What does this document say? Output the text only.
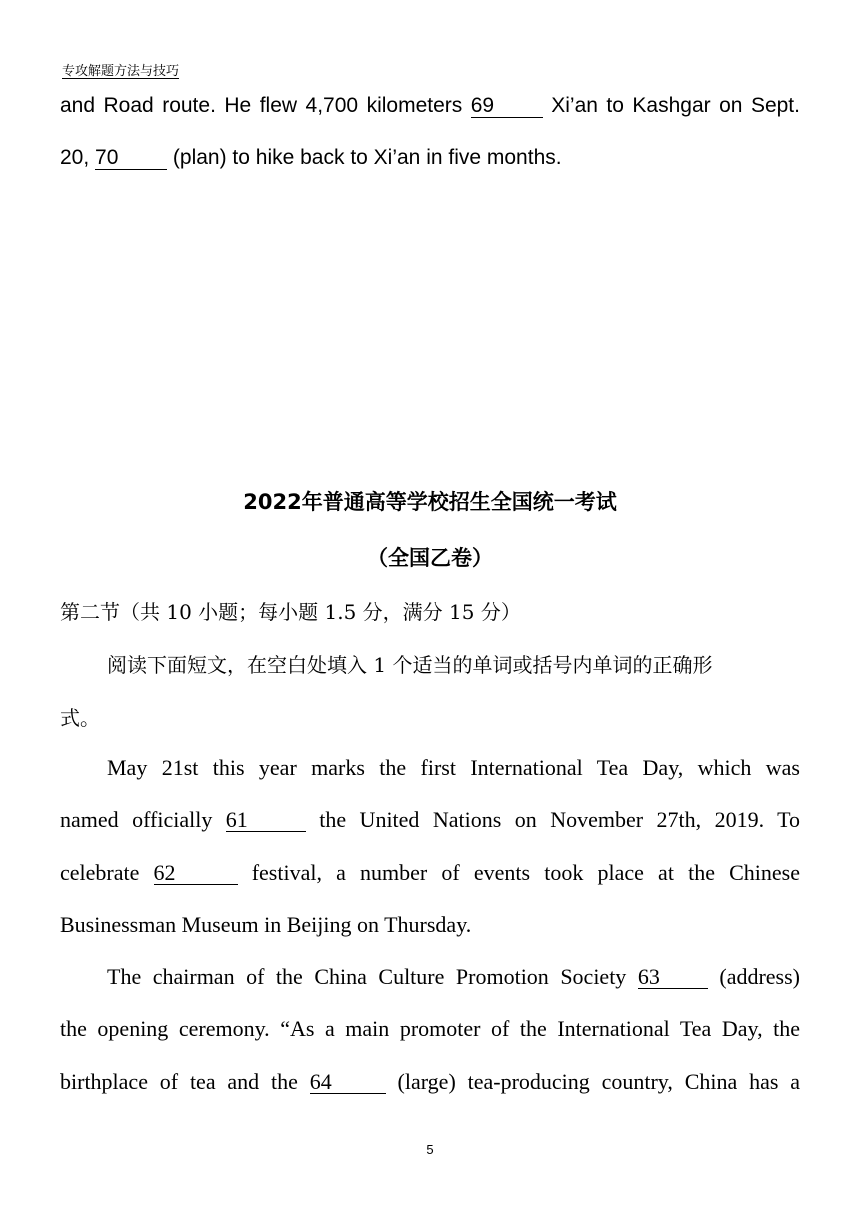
专攻解题方法与技巧
and Road route. He flew 4,700 kilometers 69	Xi’an to Kashgar on Sept.
20, 70	(plan) to hike back to Xi’an in five months.
2022年普通高等学校招生全国统一考试
（全国乙卷）
第二节（共 10 小题；每小题 1.5 分，满分 15 分）
阅读下面短文，在空白处填入 1 个适当的单词或括号内单词的正确形
式。
May 21st this year marks the first International Tea Day, which was
named officially 61	the United Nations on November 27th, 2019. To
celebrate 62	festival, a number of events took place at the Chinese
Businessman Museum in Beijing on Thursday.
The chairman of the China Culture Promotion Society 63	(address)
the opening ceremony. “As a main promoter of the International Tea Day, the
birthplace of tea and the 64	(large) tea-producing country, China has a
5
